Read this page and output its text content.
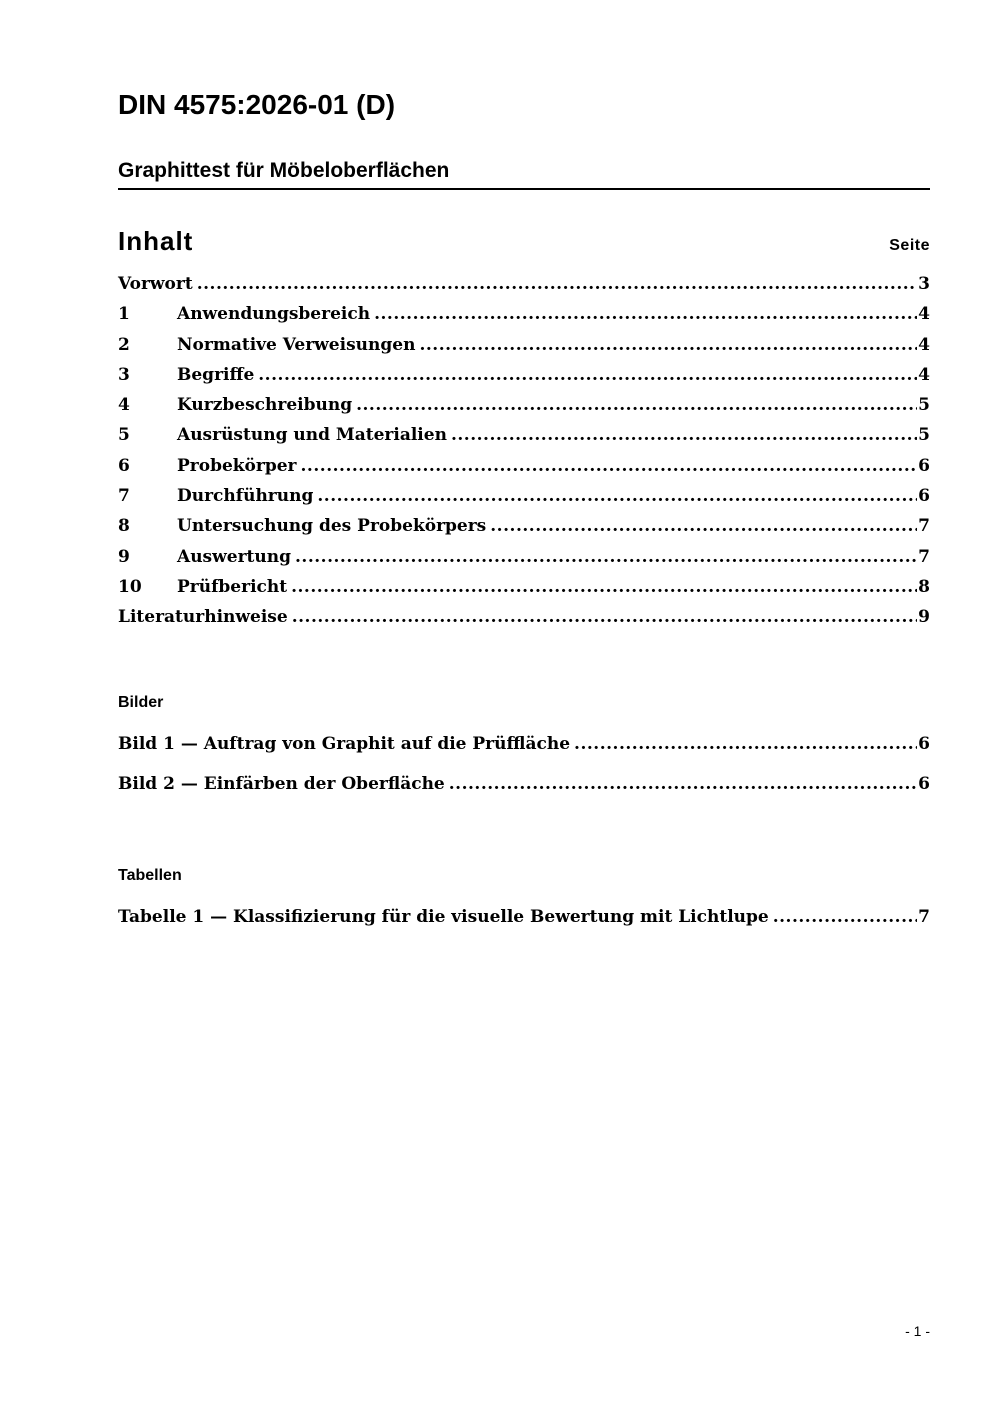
DIN 4575:2026-01 (D)
Graphittest für Möbeloberflächen
Inhalt	Seite
Vorwort .....	3
1	Anwendungsbereich .....	4
2	Normative Verweisungen .....	4
3	Begriffe .....	4
4	Kurzbeschreibung .....	5
5	Ausrüstung und Materialien .....	5
6	Probekörper .....	6
7	Durchführung .....	6
8	Untersuchung des Probekörpers .....	7
9	Auswertung .....	7
10	Prüfbericht .....	8
Literaturhinweise .....	9
Bilder
Bild 1 — Auftrag von Graphit auf die Prüffläche .....	6
Bild 2 — Einfärben der Oberfläche .....	6
Tabellen
Tabelle 1 — Klassifizierung für die visuelle Bewertung mit Lichtlupe .....	7
- 1 -
